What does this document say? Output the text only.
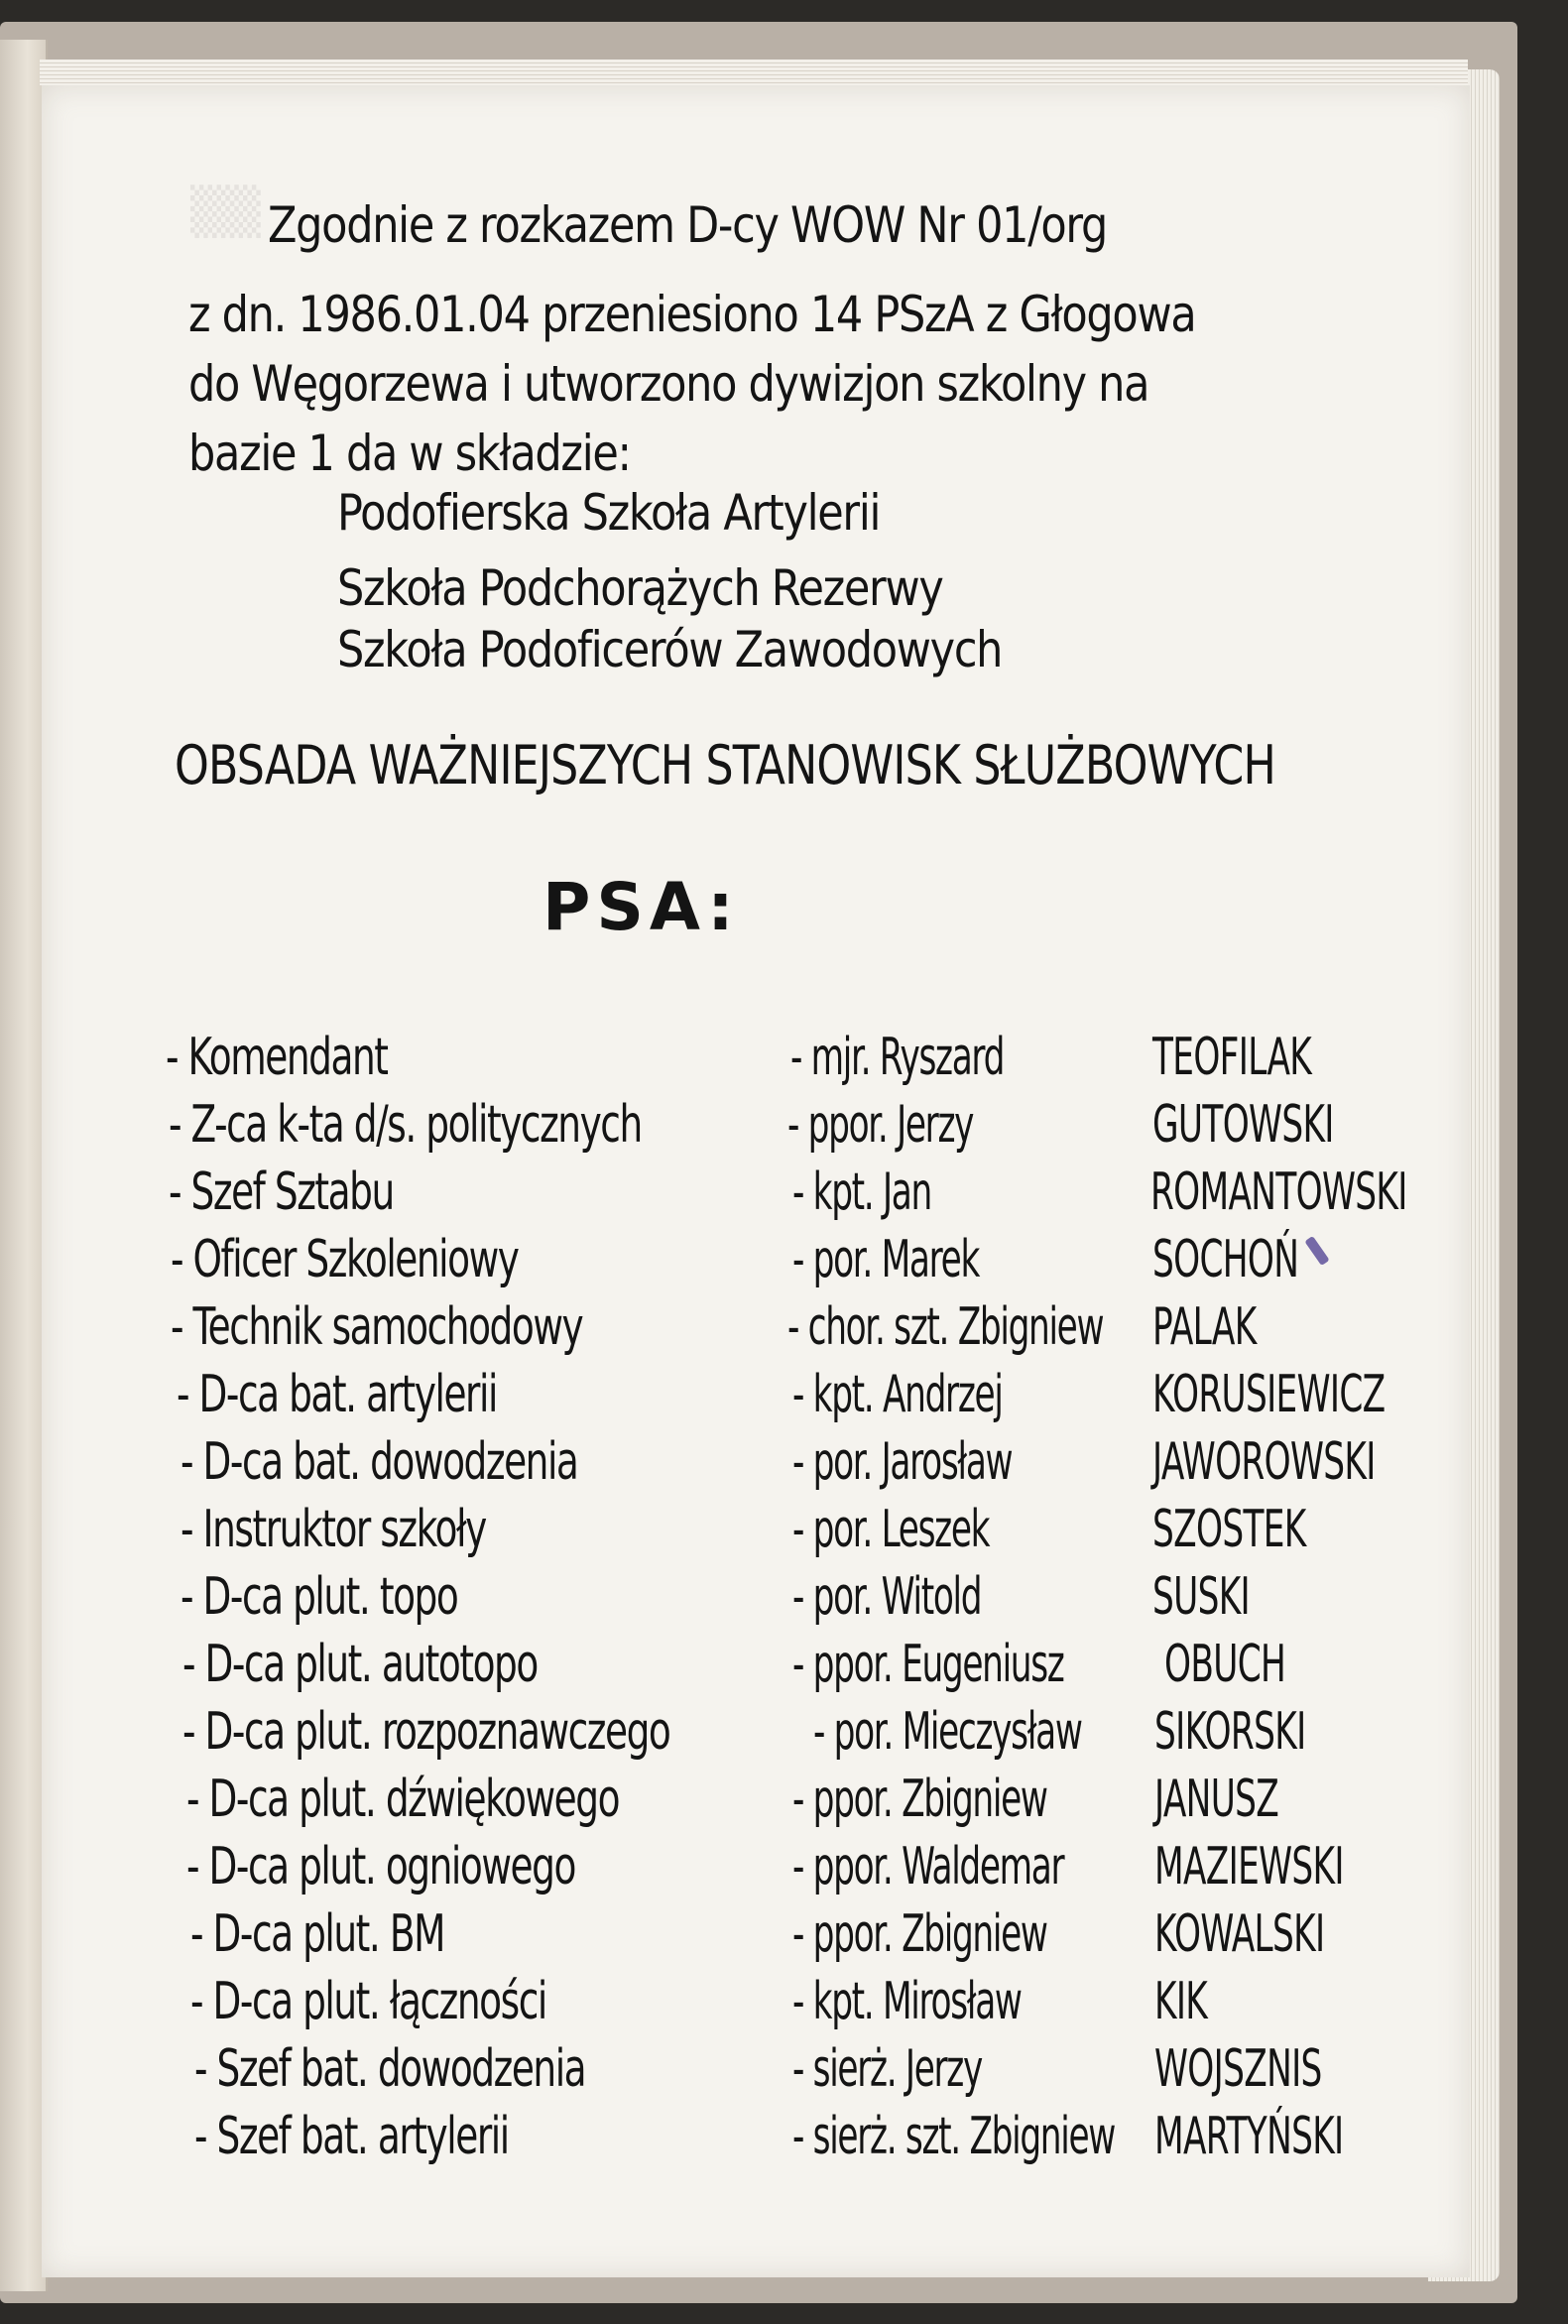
▒▒ Zgodnie z rozkazem D-cy WOW Nr 01/org
z dn. 1986.01.04 przeniesiono 14 PSzA z Głogowa
do Węgorzewa i utworzono dywizjon szkolny na
bazie 1 da w składzie:
Podofierska Szkoła Artylerii
Szkoła Podchorążych Rezerwy
Szkoła Podoficerów Zawodowych
OBSADA WAŻNIEJSZYCH STANOWISK SŁUŻBOWYCH
PSA:
- Komendant	- mjr. Ryszard	TEOFILAK
- Z-ca k-ta d/s. politycznych	- ppor. Jerzy	GUTOWSKI
- Szef Sztabu	- kpt. Jan	ROMANTOWSKI
- Oficer Szkoleniowy	- por. Marek	SOCHOŃ
- Technik samochodowy	- chor. szt. Zbigniew PALAK
- D-ca bat. artylerii	- kpt. Andrzej	KORUSIEWICZ
- D-ca bat. dowodzenia	- por. Jarosław	JAWOROWSKI
- Instruktor szkoły	- por. Leszek	SZOSTEK
- D-ca plut. topo	- por. Witold	SUSKI
- D-ca plut. autotopo	- ppor. Eugeniusz OBUCH
- D-ca plut. rozpoznawczego	- por. Mieczysław SIKORSKI
- D-ca plut. dźwiękowego	- ppor. Zbigniew JANUSZ
- D-ca plut. ogniowego	- ppor. Waldemar MAZIEWSKI
- D-ca plut. BM	- ppor. Zbigniew KOWALSKI
- D-ca plut. łączności	- kpt. Mirosław	KIK
- Szef bat. dowodzenia	- sierż. Jerzy	WOJSZNIS
- Szef bat. artylerii	- sierż. szt. Zbigniew MARTYŃSKI
